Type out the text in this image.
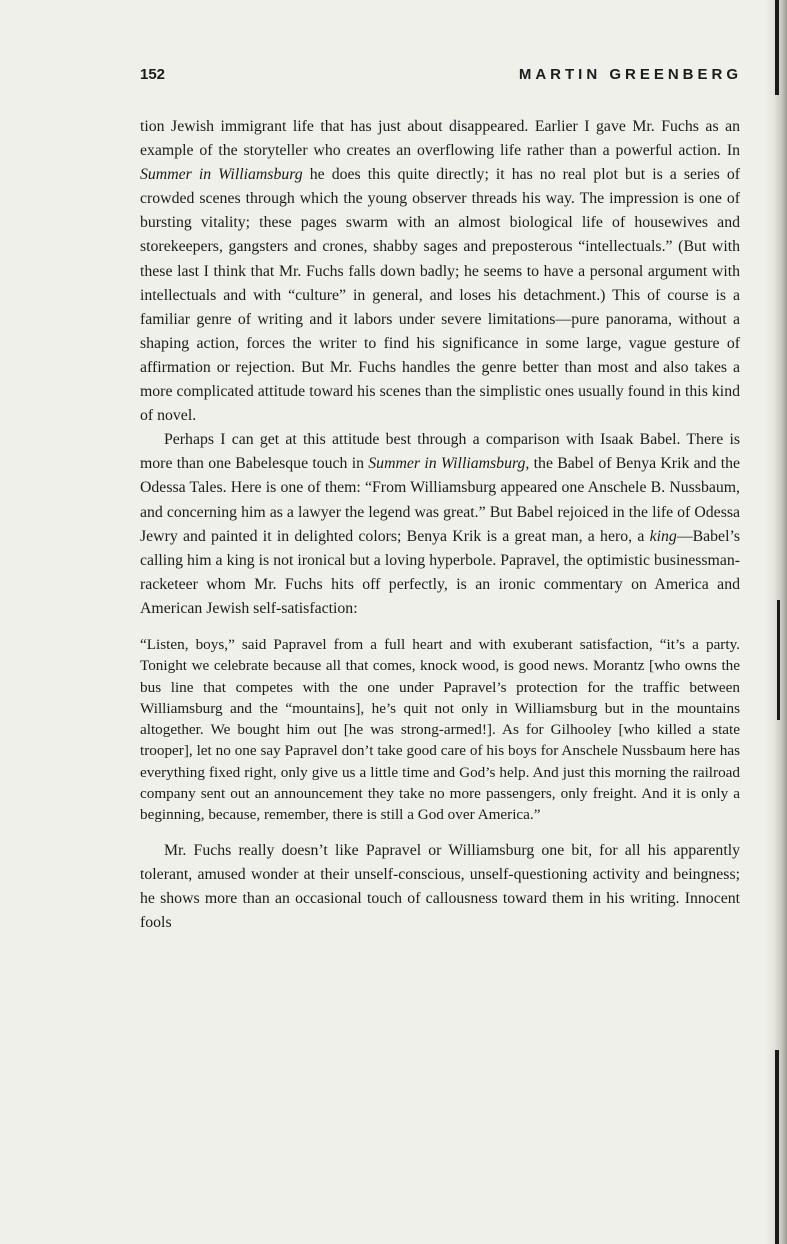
152	MARTIN GREENBERG

tion Jewish immigrant life that has just about disappeared. Earlier I gave Mr. Fuchs as an example of the storyteller who creates an overflowing life rather than a powerful action. In Summer in Williamsburg he does this quite directly; it has no real plot but is a series of crowded scenes through which the young observer threads his way. The impression is one of bursting vitality; these pages swarm with an almost biological life of housewives and storekeepers, gangsters and crones, shabby sages and preposterous “intellectuals.” (But with these last I think that Mr. Fuchs falls down badly; he seems to have a personal argument with intellectuals and with “culture” in general, and loses his detachment.) This of course is a familiar genre of writing and it labors under severe limitations—pure panorama, without a shaping action, forces the writer to find his significance in some large, vague gesture of affirmation or rejection. But Mr. Fuchs handles the genre better than most and also takes a more complicated attitude toward his scenes than the simplistic ones usually found in this kind of novel.

Perhaps I can get at this attitude best through a comparison with Isaak Babel. There is more than one Babelesque touch in Summer in Williamsburg, the Babel of Benya Krik and the Odessa Tales. Here is one of them: “From Williamsburg appeared one Anschele B. Nussbaum, and concerning him as a lawyer the legend was great.” But Babel rejoiced in the life of Odessa Jewry and painted it in delighted colors; Benya Krik is a great man, a hero, a king—Babel’s calling him a king is not ironical but a loving hyperbole. Papravel, the optimistic businessman-racketeer whom Mr. Fuchs hits off perfectly, is an ironic commentary on America and American Jewish self-satisfaction:

“Listen, boys,” said Papravel from a full heart and with exuberant satisfaction, “it’s a party. Tonight we celebrate because all that comes, knock wood, is good news. Morantz [who owns the bus line that competes with the one under Papravel’s protection for the traffic between Williamsburg and the “mountains], he’s quit not only in Williamsburg but in the mountains altogether. We bought him out [he was strong-armed!]. As for Gilhooley [who killed a state trooper], let no one say Papravel don’t take good care of his boys for Anschele Nussbaum here has everything fixed right, only give us a little time and God’s help. And just this morning the railroad company sent out an announcement they take no more passengers, only freight. And it is only a beginning, because, remember, there is still a God over America.”

Mr. Fuchs really doesn’t like Papravel or Williamsburg one bit, for all his apparently tolerant, amused wonder at their unself-conscious, unself-questioning activity and beingness; he shows more than an occasional touch of callousness toward them in his writing. Innocent fools
